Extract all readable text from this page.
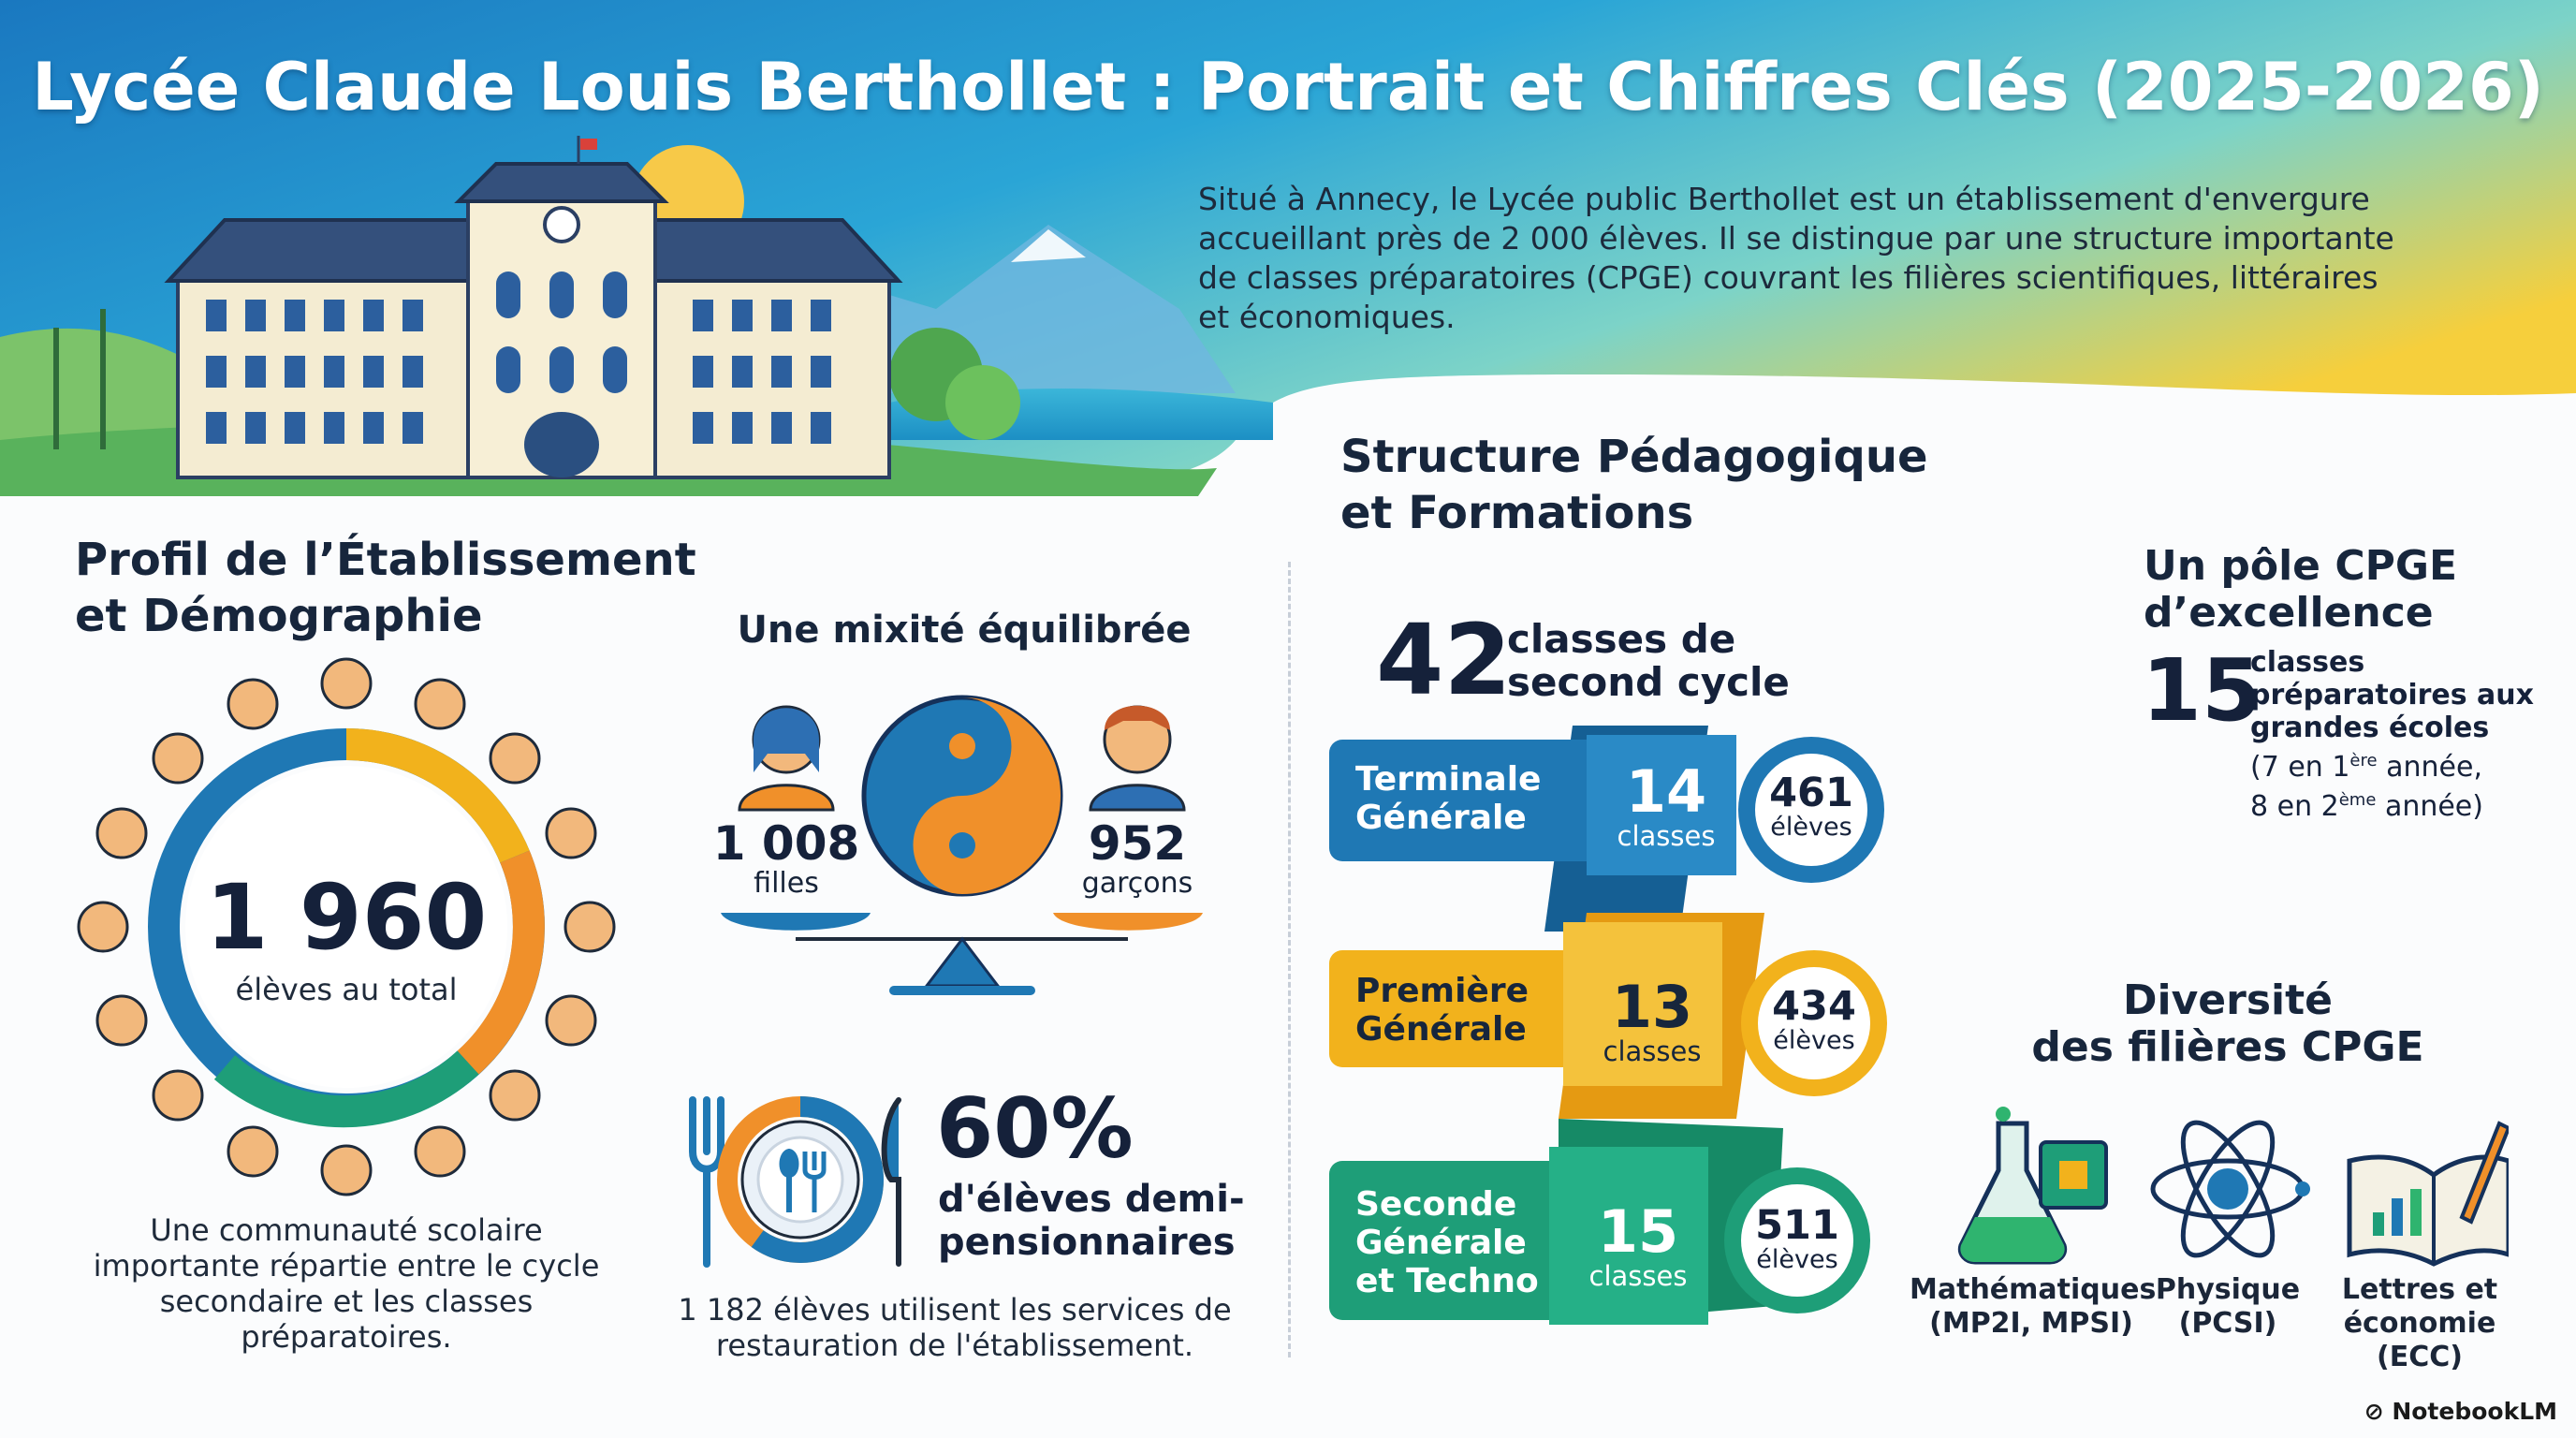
Lycée Claude Louis Berthollet : Portrait et Chiffres Clés (2025-2026)

Situé à Annecy, le Lycée public Berthollet est un établissement d'envergure

accueillant près de 2 000 élèves. Il se distingue par une structure importante

de classes préparatoires (CPGE) couvrant les filières scientifiques, littéraires

et économiques.

Profil de l’Établissement
et Démographie
1 960
élèves au total
Une communauté scolaire
importante répartie entre le cycle
secondaire et les classes
préparatoires.
Une mixité équilibrée
1 008
filles
952
garçons
60%
d'élèves demi-
pensionnaires
1 182 élèves utilisent les services de
restauration de l'établissement.
Structure Pédagogique
et Formations
42
classes de
second cycle
Terminale
Générale	14
classes
461
élèves
Première
Générale	13
classes
434
élèves
Seconde
Générale
et Techno
15
classes
511
élèves
Un pôle CPGE
d’excellence
15
classes
préparatoires aux
grandes écoles
(7 en 1ère année,
8 en 2ème année)
Diversité
des filières CPGE
Mathématiques
(MP2I, MPSI)
Physique
(PCSI)
Lettres et
économie
(ECC)
⊘ NotebookLM
